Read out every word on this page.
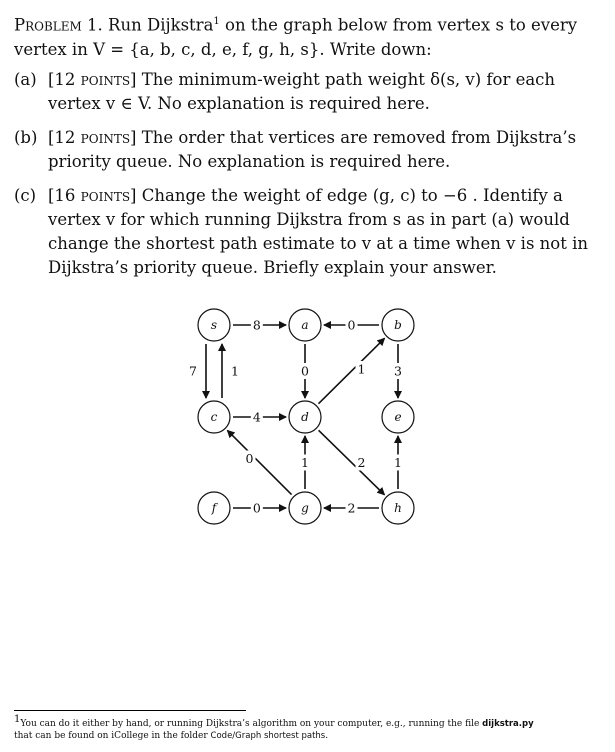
Problem 1. Run Dijkstra$^1$ on the graph below from vertex s to every vertex in V = {a, b, c, d, e, f, g, h, s}. Write down:
(a) [12 points] The minimum-weight path weight δ(s, v) for each vertex v ∈ V. No explanation is required here.
(b) [12 points] The order that vertices are removed from Dijkstra’s priority queue. No explanation is required here.
(c) [16 points] Change the weight of edge (g, c) to −6 . Identify a vertex v for which running Dijkstra from s as in part (a) would change the shortest path estimate to v at a time when v is not in Dijkstra’s priority queue. Briefly explain your answer.
8	0
7	1	0	1 3
4
0	1	2 1
0	2
s	a	b
c	d	e
f	g	h
$^1$You can do it either by hand, or running Dijkstra’s algorithm on your computer, e.g., running the file dijkstra.py
that can be found on iCollege in the folder Code/Graph shortest paths.
